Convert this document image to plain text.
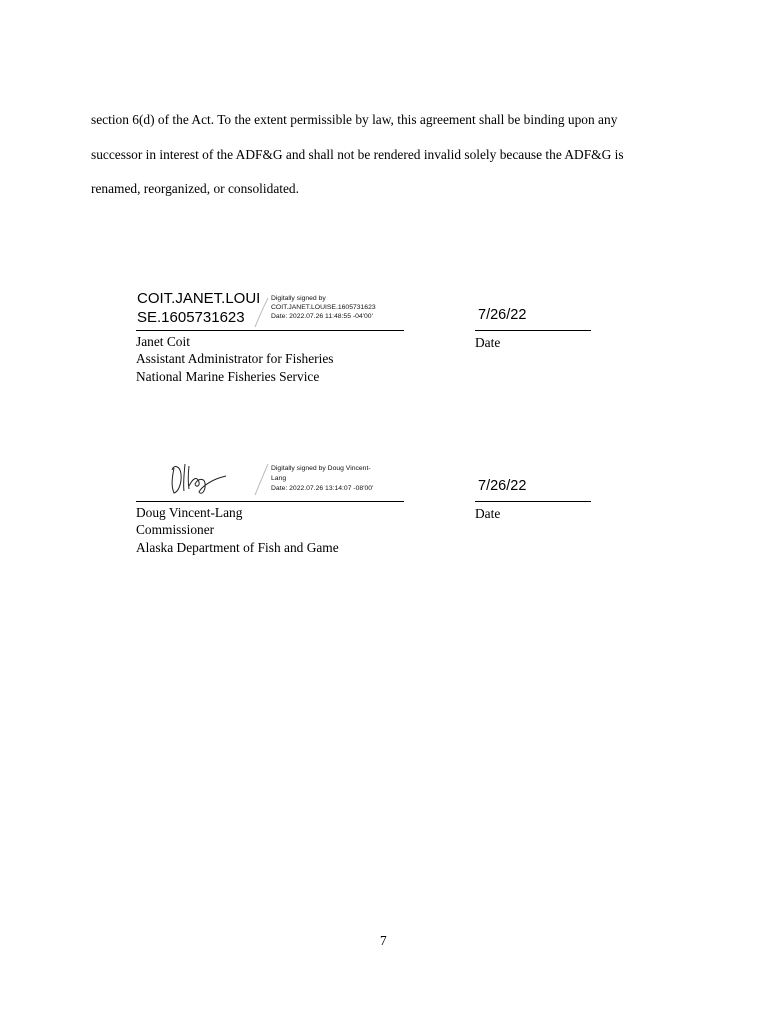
section 6(d) of the Act. To the extent permissible by law, this agreement shall be binding upon any
successor in interest of the ADF&G and shall not be rendered invalid solely because the ADF&G is
renamed, reorganized, or consolidated.
COIT.JANET.LOUI
SE.1605731623
Digitally signed by
COIT.JANET.LOUISE.1605731623
Date: 2022.07.26 11:48:55 -04'00'	7/26/22
Janet Coit
Assistant Administrator for Fisheries
National Marine Fisheries Service
Date
Digitally signed by Doug Vincent-
Lang
Date: 2022.07.26 13:14:07 -08'00'	7/26/22
Doug Vincent-Lang
Commissioner
Alaska Department of Fish and Game
Date
7
